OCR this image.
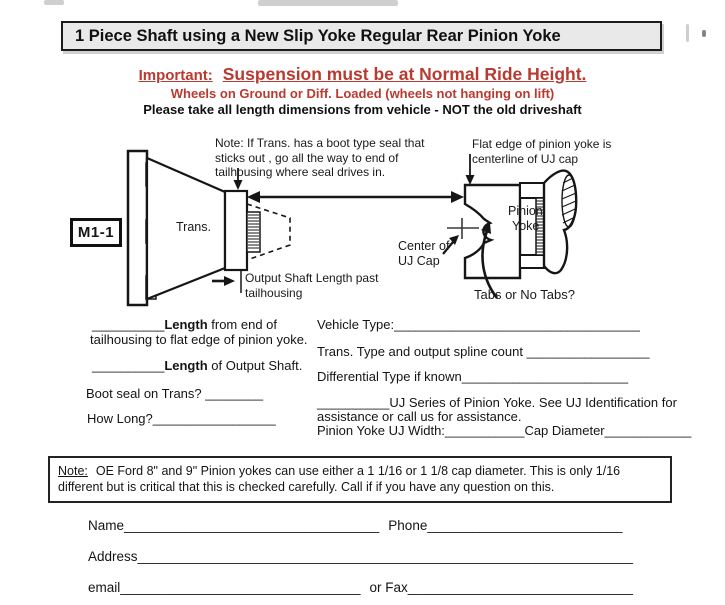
1 Piece Shaft using a New Slip Yoke Regular Rear Pinion Yoke
Important: Suspension must be at Normal Ride Height.
Wheels on Ground or Diff. Loaded (wheels not hanging on lift)
Please take all length dimensions from vehicle - NOT the old driveshaft
M1-1	Trans.
Note: If Trans. has a boot type seal that
sticks out , go all the way to end of
tailhousing where seal drives in.
Flat edge of pinion yoke is
centerline of UJ cap
Output Shaft Length past
tailhousing
Center of
UJ Cap
Pinion
Yoke
Tabs or No Tabs?
__________Length from end of
tailhousing to flat edge of pinion yoke.
__________Length of Output Shaft.
Boot seal on Trans? ________
How Long?_________________
Vehicle Type:__________________________________
Trans. Type and output spline count _________________
Differential Type if known_______________________
__________UJ Series of Pinion Yoke. See UJ Identification for
assistance or call us for assistance.
Pinion Yoke UJ Width:___________Cap Diameter____________
Note: OE Ford 8" and 9" Pinion yokes can use either a 1 1/16 or 1 1/8 cap diameter. This is only 1/16 different but is critical that this is checked carefully. Call if if you have any question on this.
Name__________________________________ Phone__________________________
Address__________________________________________________________________
email________________________________ or Fax______________________________
